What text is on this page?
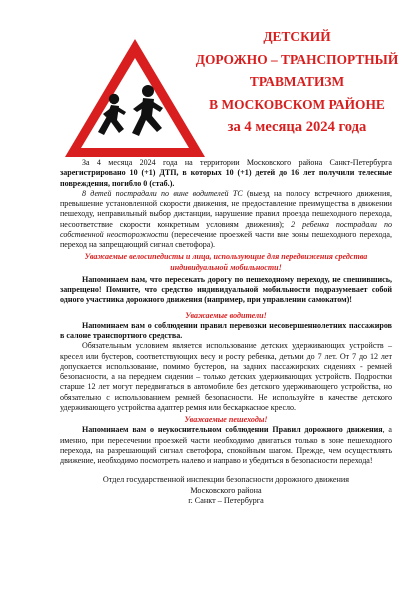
ДЕТСКИЙ
ДОРОЖНО – ТРАНСПОРТНЫЙ
ТРАВМАТИЗМ
В МОСКОВСКОМ РАЙОНЕ
за 4 месяца 2024 года

За 4 месяца 2024 года на территории Московского района Санкт-Петербурга зарегистрировано 10 (+1) ДТП, в которых 10 (+1) детей до 16 лет получили телесные повреждения, погибло 0 (стаб.).

8 детей пострадали по вине водителей ТС (выезд на полосу встречного движения, превышение установленной скорости движения, не предоставление преимущества в движении пешеходу, неправильный выбор дистанции, нарушение правил проезда пешеходного перехода, несоответствие скорости конкретным условиям движения); 2 ребенка пострадали по собственной неосторожности (пересечение проезжей части вне зоны пешеходного перехода, переход на запрещающий сигнал светофора).

Уважаемые велосипедисты и лица, использующие для передвижения средства индивидуальной мобильности!

Напоминаем вам, что пересекать дорогу по пешеходному переходу, не спешившись, запрещено! Помните, что средство индивидуальной мобильности подразумевает собой одного участника дорожного движения (например, при управлении самокатом)!

Уважаемые водители!

Напоминаем вам о соблюдении правил перевозки несовершеннолетних пассажиров в салоне транспортного средства.

Обязательным условием является использование детских удерживающих устройств – кресел или бустеров, соответствующих весу и росту ребенка, детьми до 7 лет. От 7 до 12 лет допускается использование, помимо бустеров, на задних пассажирских сидениях - ремней безопасности, а на переднем сидении – только детских удерживающих устройств. Подростки старше 12 лет могут передвигаться в автомобиле без детского удерживающего устройства, но обязательно с использованием ремней безопасности. Не используйте в качестве детского удерживающего устройства адаптер ремня или бескаркасное кресло.

Уважаемые пешеходы!

Напоминаем вам о неукоснительном соблюдении Правил дорожного движения, а именно, при пересечении проезжей части необходимо двигаться только в зоне пешеходного перехода, на разрешающий сигнал светофора, спокойным шагом. Прежде, чем осуществлять движение, необходимо посмотреть налево и направо и убедиться в безопасности перехода!

Отдел государственной инспекции безопасности дорожного движения
Московского района
г. Санкт – Петербурга
